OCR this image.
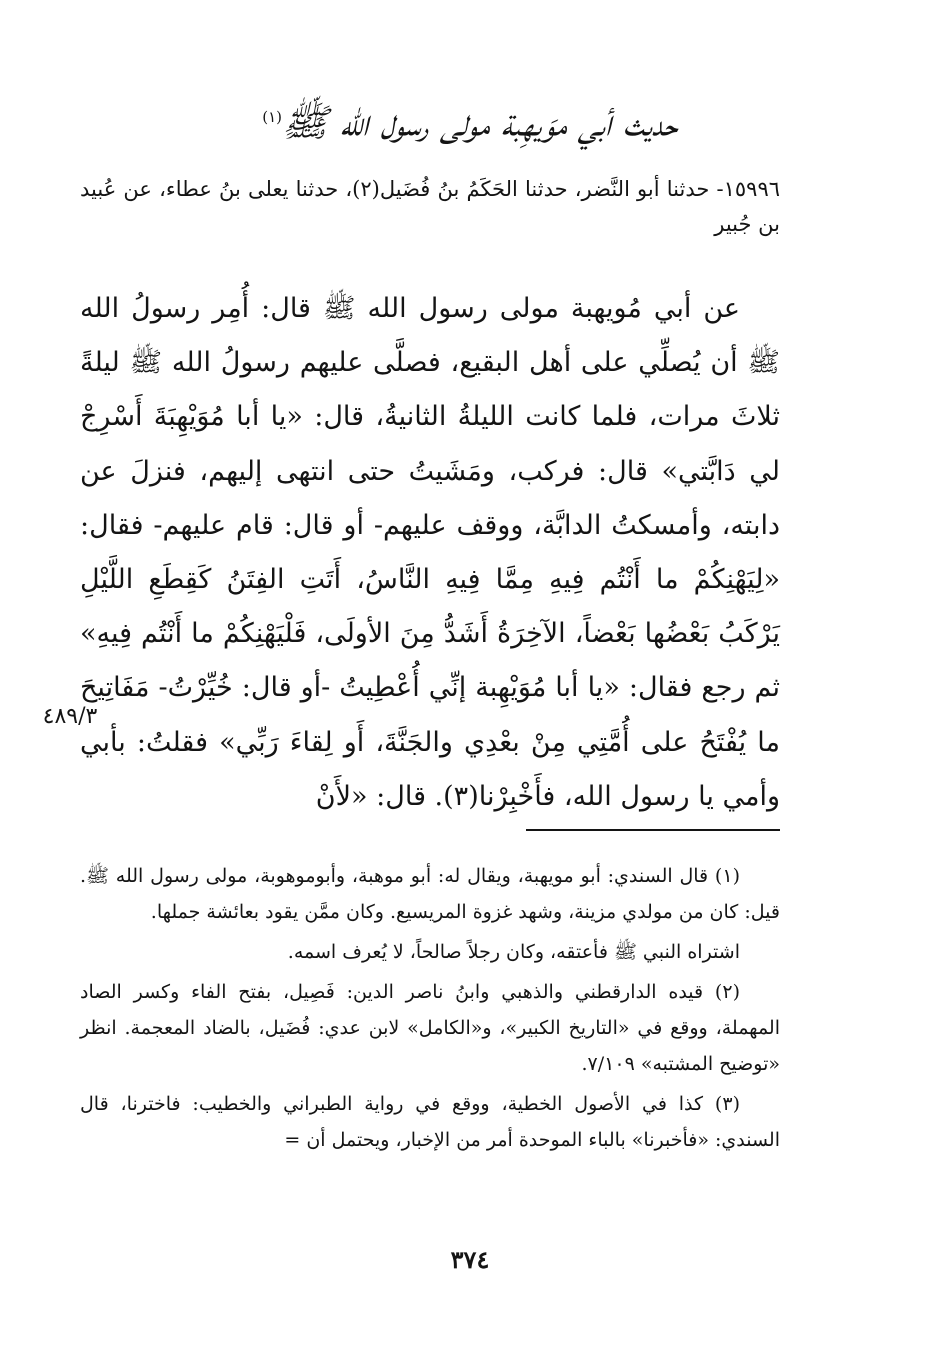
حديث أبي موَيهِبة مولى رسول الله ﷺ$^{(١)}$
١٥٩٩٦- حدثنا أبو النَّضر، حدثنا الحَكَمُ بنُ فُضَيل(٢)، حدثنا يعلى بنُ عطاء، عن عُبيد بن جُبير
عن أبي مُويهبة مولى رسول الله ﷺ قال: أُمِر رسولُ الله ﷺ أن يُصلِّي على أهل البقيع، فصلَّى عليهم رسولُ الله ﷺ ليلةً ثلاثَ مرات، فلما كانت الليلةُ الثانيةُ، قال: «يا أبا مُوَيْهِبَةَ أَسْرِجْ لي دَابَّتي» قال: فركب، ومَشَيتُ حتى انتهى إليهم، فنزلَ عن دابته، وأمسكتُ الدابَّة، ووقف عليهم- أو قال: قام عليهم- فقال: «لِيَهْنِكُمْ ما أَنْتُم فِيهِ مِمَّا فِيهِ النَّاسُ، أَتَتِ الفِتَنُ كَقِطَعِ اللَّيْلِ يَرْكَبُ بَعْضُها بَعْضاً، الآخِرَةُ أَشَدُّ مِنَ الأولَى، فَلْيَهْنِكُمْ ما أَنْتُم فِيهِ» ثم رجع فقال: «يا أبا مُوَيْهِبة إنِّي أُعْطِيتُ -أو قال: خُيِّرْتُ- مَفَاتِيحَ ما يُفْتَحُ على أُمَّتِي مِنْ بعْدِي والجَنَّةَ، أَو لِقاءَ رَبِّي» فقلتُ: بأبي وأمي يا رسول الله، فأَخْبِرْنا(٣). قال: «لأَنْ
٤٨٩/٣
(١) قال السندي: أبو مويهبة، ويقال له: أبو موهبة، وأبوموهوبة، مولى رسول الله ﷺ. قيل: كان من مولدي مزينة، وشهد غزوة المريسيع. وكان ممَّن يقود بعائشة جملها.
اشتراه النبي ﷺ فأعتقه، وكان رجلاً صالحاً، لا يُعرف اسمه.
(٢) قيده الدارقطني والذهبي وابنُ ناصر الدين: فَصِيل، بفتح الفاء وكسر الصاد المهملة، ووقع في «التاريخ الكبير»، و«الكامل» لابن عدي: فُضَيل، بالضاد المعجمة. انظر «توضيح المشتبه» ٧/١٠٩.
(٣) كذا في الأصول الخطية، ووقع في رواية الطبراني والخطيب: فاخترنا، قال السندي: «فأخبرنا» بالباء الموحدة أمر من الإخبار، ويحتمل أن =
٣٧٤
